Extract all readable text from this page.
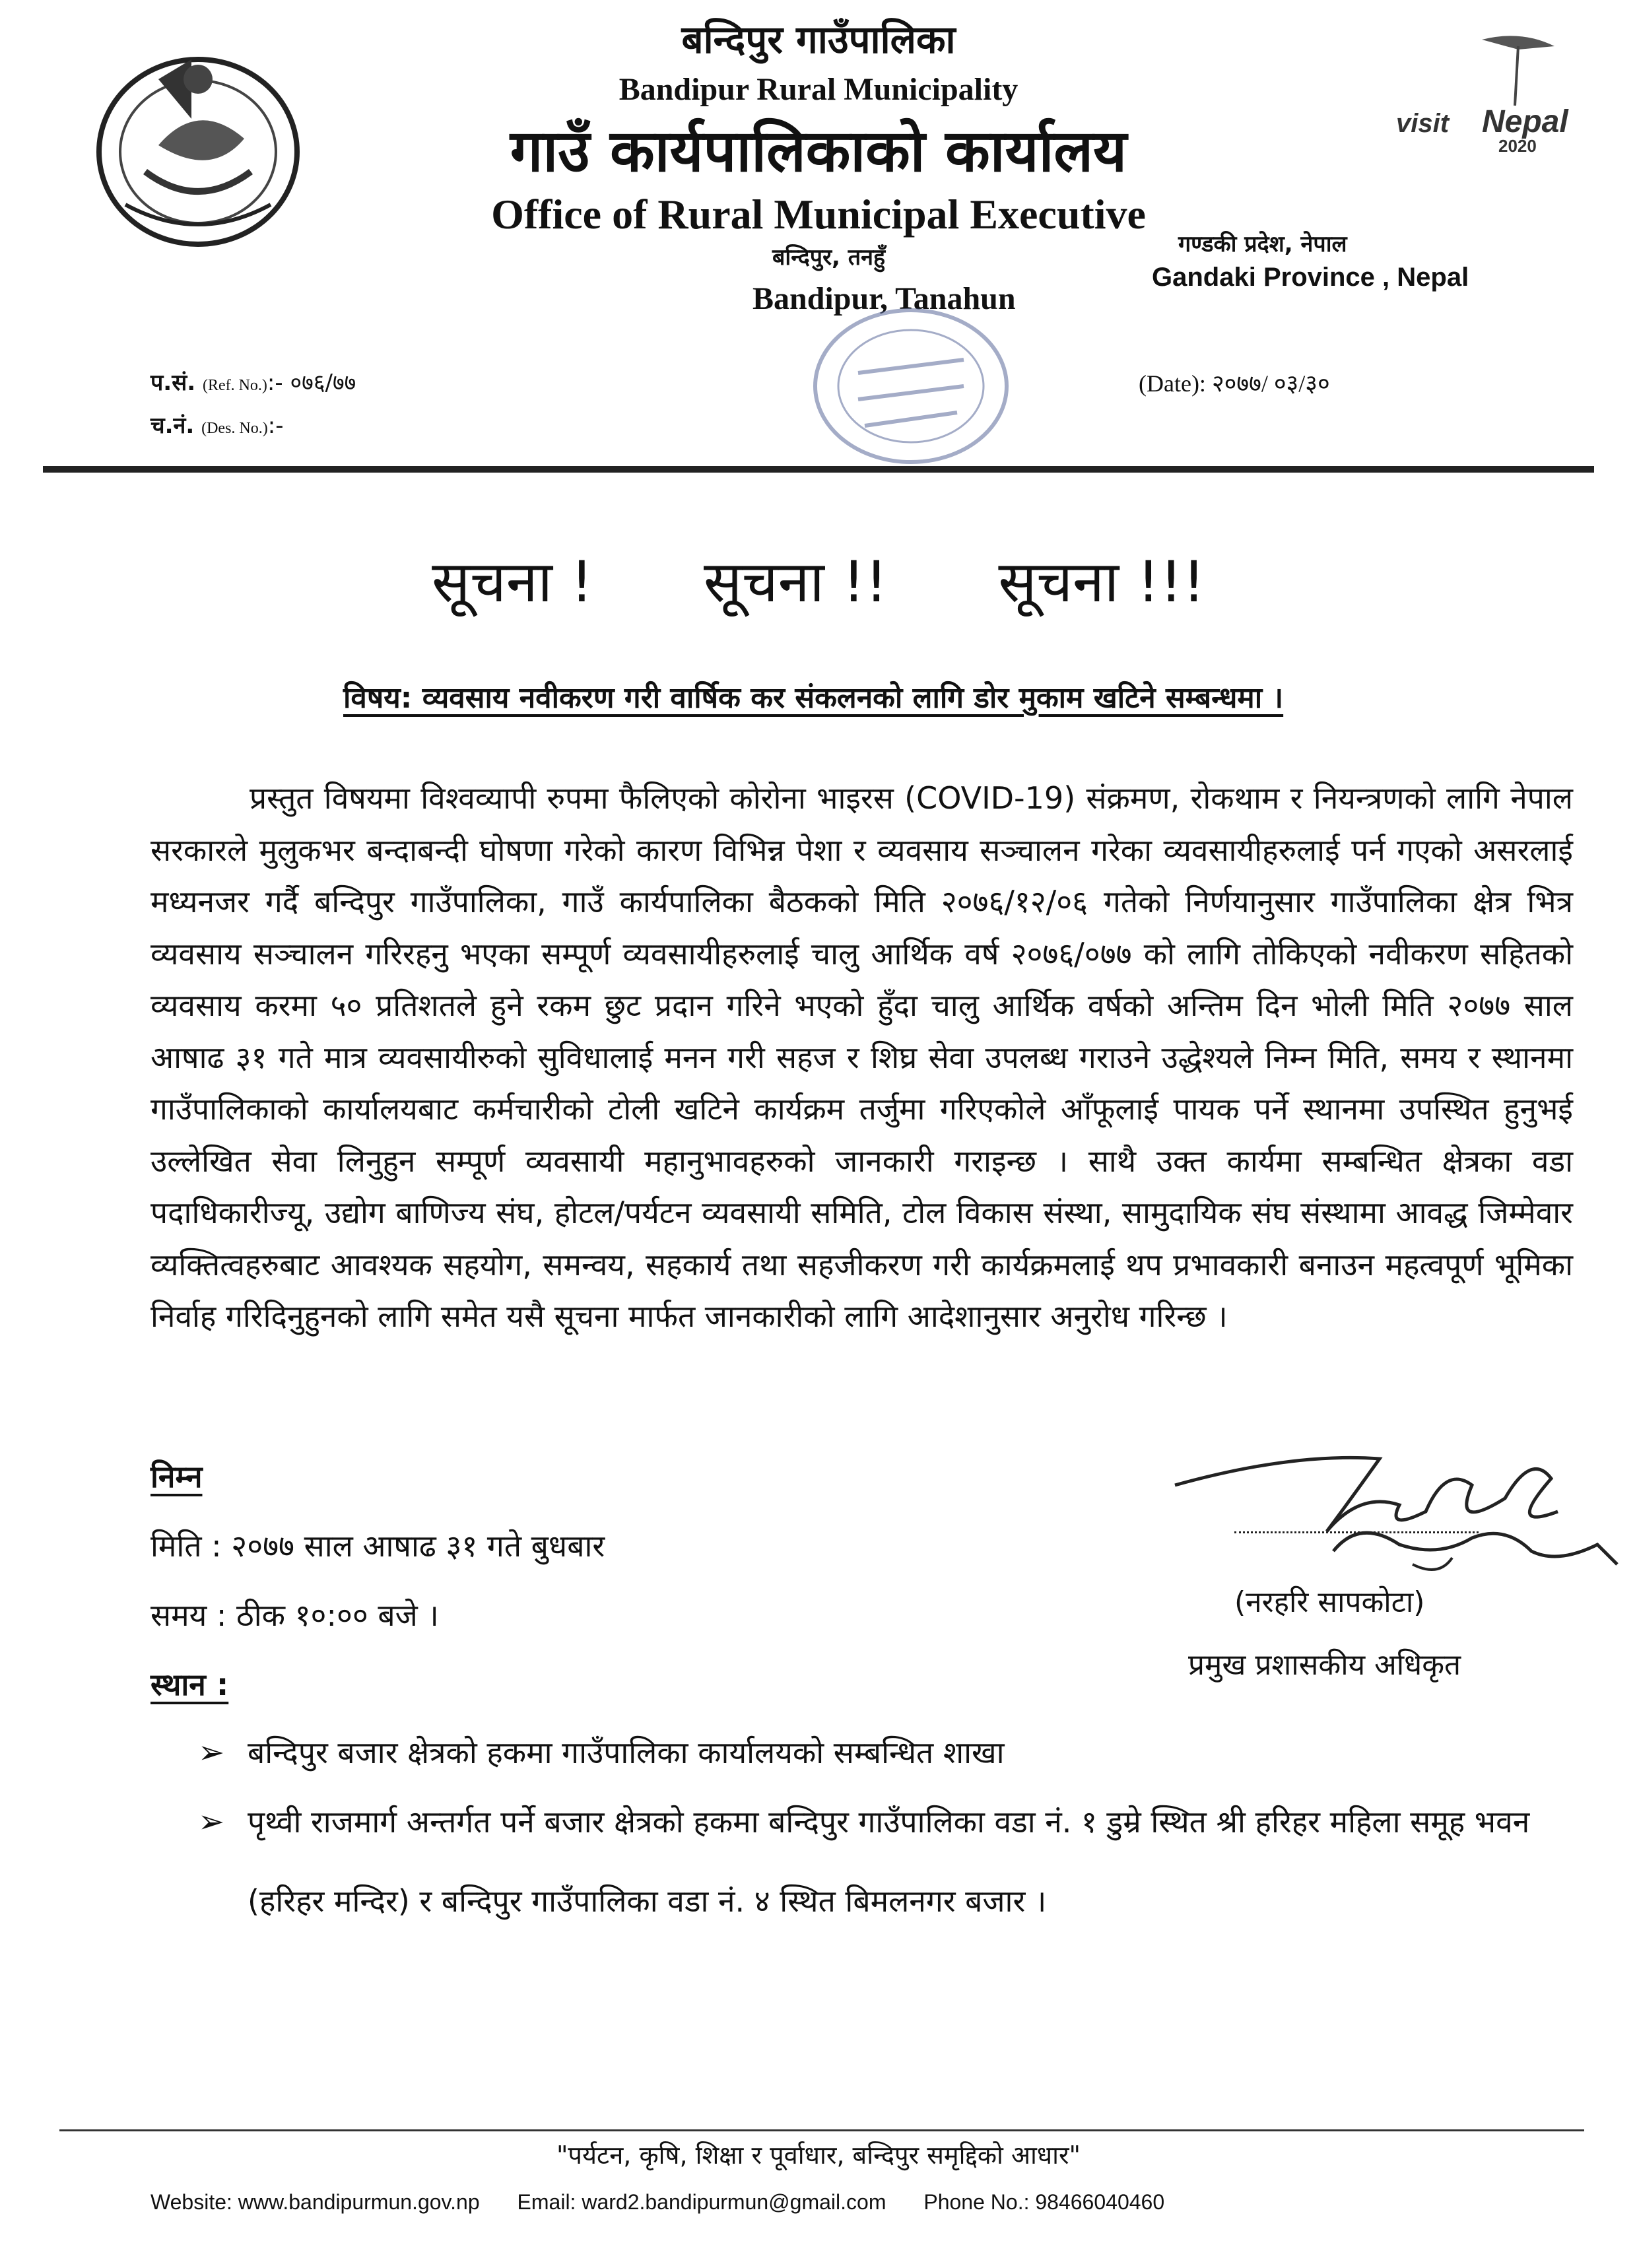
visit Nepal
2020
बन्दिपुर गाउँपालिका
Bandipur Rural Municipality
गाउँ कार्यपालिकाको कार्यालय
Office of Rural Municipal Executive
बन्दिपुर, तनहुँ
Bandipur, Tanahun
गण्डकी प्रदेश, नेपाल
Gandaki Province , Nepal
प.सं. (Ref. No.):- ०७६/७७
च.नं. (Des. No.):-
(Date): २०७७/ ०३/३०
सूचना ! सूचना !! सूचना !!!
विषय: व्यवसाय नवीकरण गरी वार्षिक कर संकलनको लागि डोर मुकाम खटिने सम्बन्धमा ।
प्रस्तुत विषयमा विश्वव्यापी रुपमा फैलिएको कोरोना भाइरस (COVID-19) संक्रमण, रोकथाम र नियन्त्रणको लागि नेपाल सरकारले मुलुकभर बन्दाबन्दी घोषणा गरेको कारण विभिन्न पेशा र व्यवसाय सञ्चालन गरेका व्यवसायीहरुलाई पर्न गएको असरलाई मध्यनजर गर्दै बन्दिपुर गाउँपालिका, गाउँ कार्यपालिका बैठकको मिति २०७६/१२/०६ गतेको निर्णयानुसार गाउँपालिका क्षेत्र भित्र व्यवसाय सञ्चालन गरिरहनु भएका सम्पूर्ण व्यवसायीहरुलाई चालु आर्थिक वर्ष २०७६/०७७ को लागि तोकिएको नवीकरण सहितको व्यवसाय करमा ५० प्रतिशतले हुने रकम छुट प्रदान गरिने भएको हुँदा चालु आर्थिक वर्षको अन्तिम दिन भोली मिति २०७७ साल आषाढ ३१ गते मात्र व्यवसायीरुको सुविधालाई मनन गरी सहज र शिघ्र सेवा उपलब्ध गराउने उद्धेश्यले निम्न मिति, समय र स्थानमा गाउँपालिकाको कार्यालयबाट कर्मचारीको टोली खटिने कार्यक्रम तर्जुमा गरिएकोले आँफूलाई पायक पर्ने स्थानमा उपस्थित हुनुभई उल्लेखित सेवा लिनुहुन सम्पूर्ण व्यवसायी महानुभावहरुको जानकारी गराइन्छ । साथै उक्त कार्यमा सम्बन्धित क्षेत्रका वडा पदाधिकारीज्यू, उद्योग बाणिज्य संघ, होटल/पर्यटन व्यवसायी समिति, टोल विकास संस्था, सामुदायिक संघ संस्थामा आवद्ध जिम्मेवार व्यक्तित्वहरुबाट आवश्यक सहयोग, समन्वय, सहकार्य तथा सहजीकरण गरी कार्यक्रमलाई थप प्रभावकारी बनाउन महत्वपूर्ण भूमिका निर्वाह गरिदिनुहुनको लागि समेत यसै सूचना मार्फत जानकारीको लागि आदेशानुसार अनुरोध गरिन्छ ।
निम्न
मिति : २०७७ साल आषाढ ३१ गते बुधबार
समय : ठीक १०:०० बजे ।
स्थान :
➢ बन्दिपुर बजार क्षेत्रको हकमा गाउँपालिका कार्यालयको सम्बन्धित शाखा
➢ पृथ्वी राजमार्ग अन्तर्गत पर्ने बजार क्षेत्रको हकमा बन्दिपुर गाउँपालिका वडा नं. १ डुम्रे स्थित श्री हरिहर महिला समूह भवन (हरिहर मन्दिर) र बन्दिपुर गाउँपालिका वडा नं. ४ स्थित बिमलनगर बजार ।
(नरहरि सापकोटा)
प्रमुख प्रशासकीय अधिकृत
"पर्यटन, कृषि, शिक्षा र पूर्वाधार, बन्दिपुर समृद्दिको आधार"
Website: www.bandipurmun.gov.np Email: ward2.bandipurmun@gmail.com Phone No.: 98466040460
